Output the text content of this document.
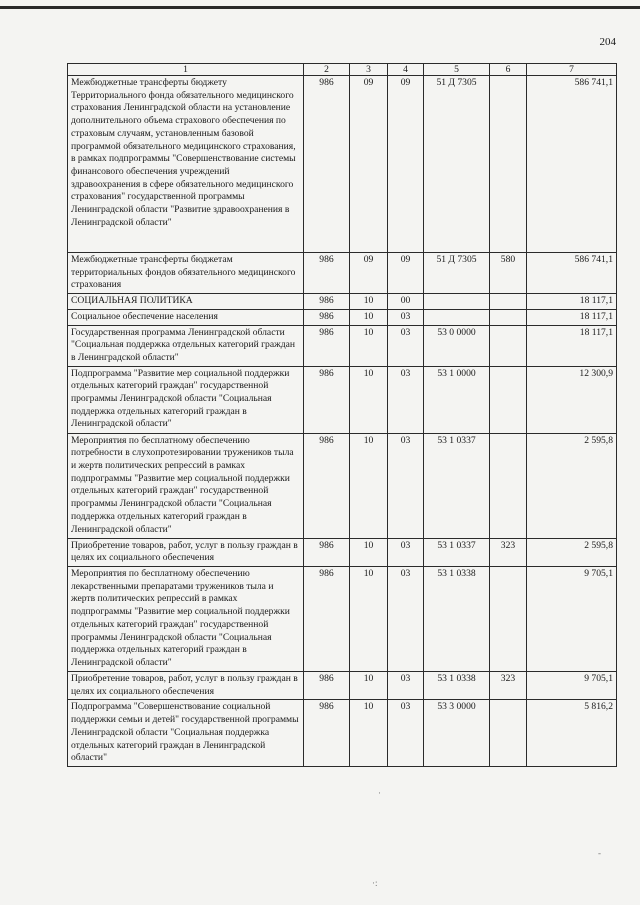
204
1	2	3	4	5	6	7
Межбюджетные трансферты бюджету Территориального фонда обязательного медицинского страхования Ленинградской области на установление дополнительного объема страхового обеспечения по страховым случаям, установленным базовой программой обязательного медицинского страхования, в рамках подпрограммы "Совершенствование системы финансового обеспечения учреждений здравоохранения в сфере обязательного медицинского страхования" государственной программы Ленинградской области "Развитие здравоохранения в Ленинградской области"	986	09	09	51 Д 7305		586 741,1
Межбюджетные трансферты бюджетам территориальных фондов обязательного медицинского страхования	986	09	09	51 Д 7305	580	586 741,1
СОЦИАЛЬНАЯ ПОЛИТИКА	986	10	00			18 117,1
Социальное обеспечение населения	986	10	03			18 117,1
Государственная программа Ленинградской области "Социальная поддержка отдельных категорий граждан в Ленинградской области"	986	10	03	53 0 0000		18 117,1
Подпрограмма "Развитие мер социальной поддержки отдельных категорий граждан" государственной программы Ленинградской области "Социальная поддержка отдельных категорий граждан в Ленинградской области"	986	10	03	53 1 0000		12 300,9
Мероприятия по бесплатному обеспечению потребности в слухопротезировании тружеников тыла и жертв политических репрессий в рамках подпрограммы "Развитие мер социальной поддержки отдельных категорий граждан" государственной программы Ленинградской области "Социальная поддержка отдельных категорий граждан в Ленинградской области"	986	10	03	53 1 0337		2 595,8
Приобретение товаров, работ, услуг в пользу граждан в целях их социального обеспечения	986	10	03	53 1 0337	323	2 595,8
Мероприятия по бесплатному обеспечению лекарственными препаратами тружеников тыла и жертв политических репрессий в рамках подпрограммы "Развитие мер социальной поддержки отдельных категорий граждан" государственной программы Ленинградской области "Социальная поддержка отдельных категорий граждан в Ленинградской области"	986	10	03	53 1 0338		9 705,1
Приобретение товаров, работ, услуг в пользу граждан в целях их социального обеспечения	986	10	03	53 1 0338	323	9 705,1
Подпрограмма "Совершенствование социальной поддержки семьи и детей" государственной программы Ленинградской области "Социальная поддержка отдельных категорий граждан в Ленинградской области"	986	10	03	53 3 0000		5 816,2
·
·:
-
